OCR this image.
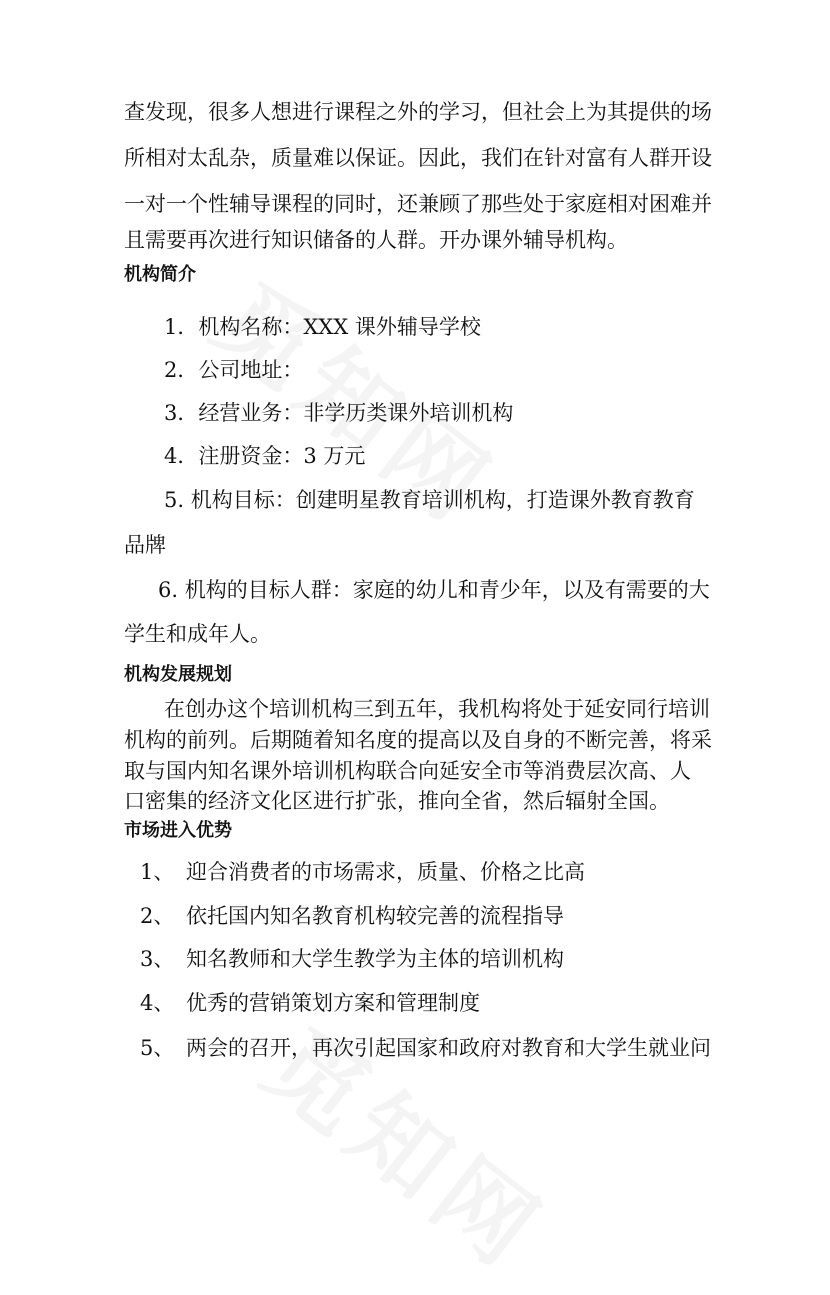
查发现，很多人想进行课程之外的学习，但社会上为其提供的场
所相对太乱杂，质量难以保证。因此，我们在针对富有人群开设
一对一个性辅导课程的同时，还兼顾了那些处于家庭相对困难并
且需要再次进行知识储备的人群。开办课外辅导机构。
机构简介
1．机构名称：XXX 课外辅导学校
2．公司地址：
3．经营业务：非学历类课外培训机构
4．注册资金：3 万元
5. 机构目标：创建明星教育培训机构，打造课外教育教育
品牌
6. 机构的目标人群：家庭的幼儿和青少年，以及有需要的大
学生和成年人。
机构发展规划
在创办这个培训机构三到五年，我机构将处于延安同行培训
机构的前列。后期随着知名度的提高以及自身的不断完善，将采
取与国内知名课外培训机构联合向延安全市等消费层次高、人
口密集的经济文化区进行扩张，推向全省，然后辐射全国。
市场进入优势
1、 迎合消费者的市场需求，质量、价格之比高
2、 依托国内知名教育机构较完善的流程指导
3、 知名教师和大学生教学为主体的培训机构
4、 优秀的营销策划方案和管理制度
5、 两会的召开，再次引起国家和政府对教育和大学生就业问
